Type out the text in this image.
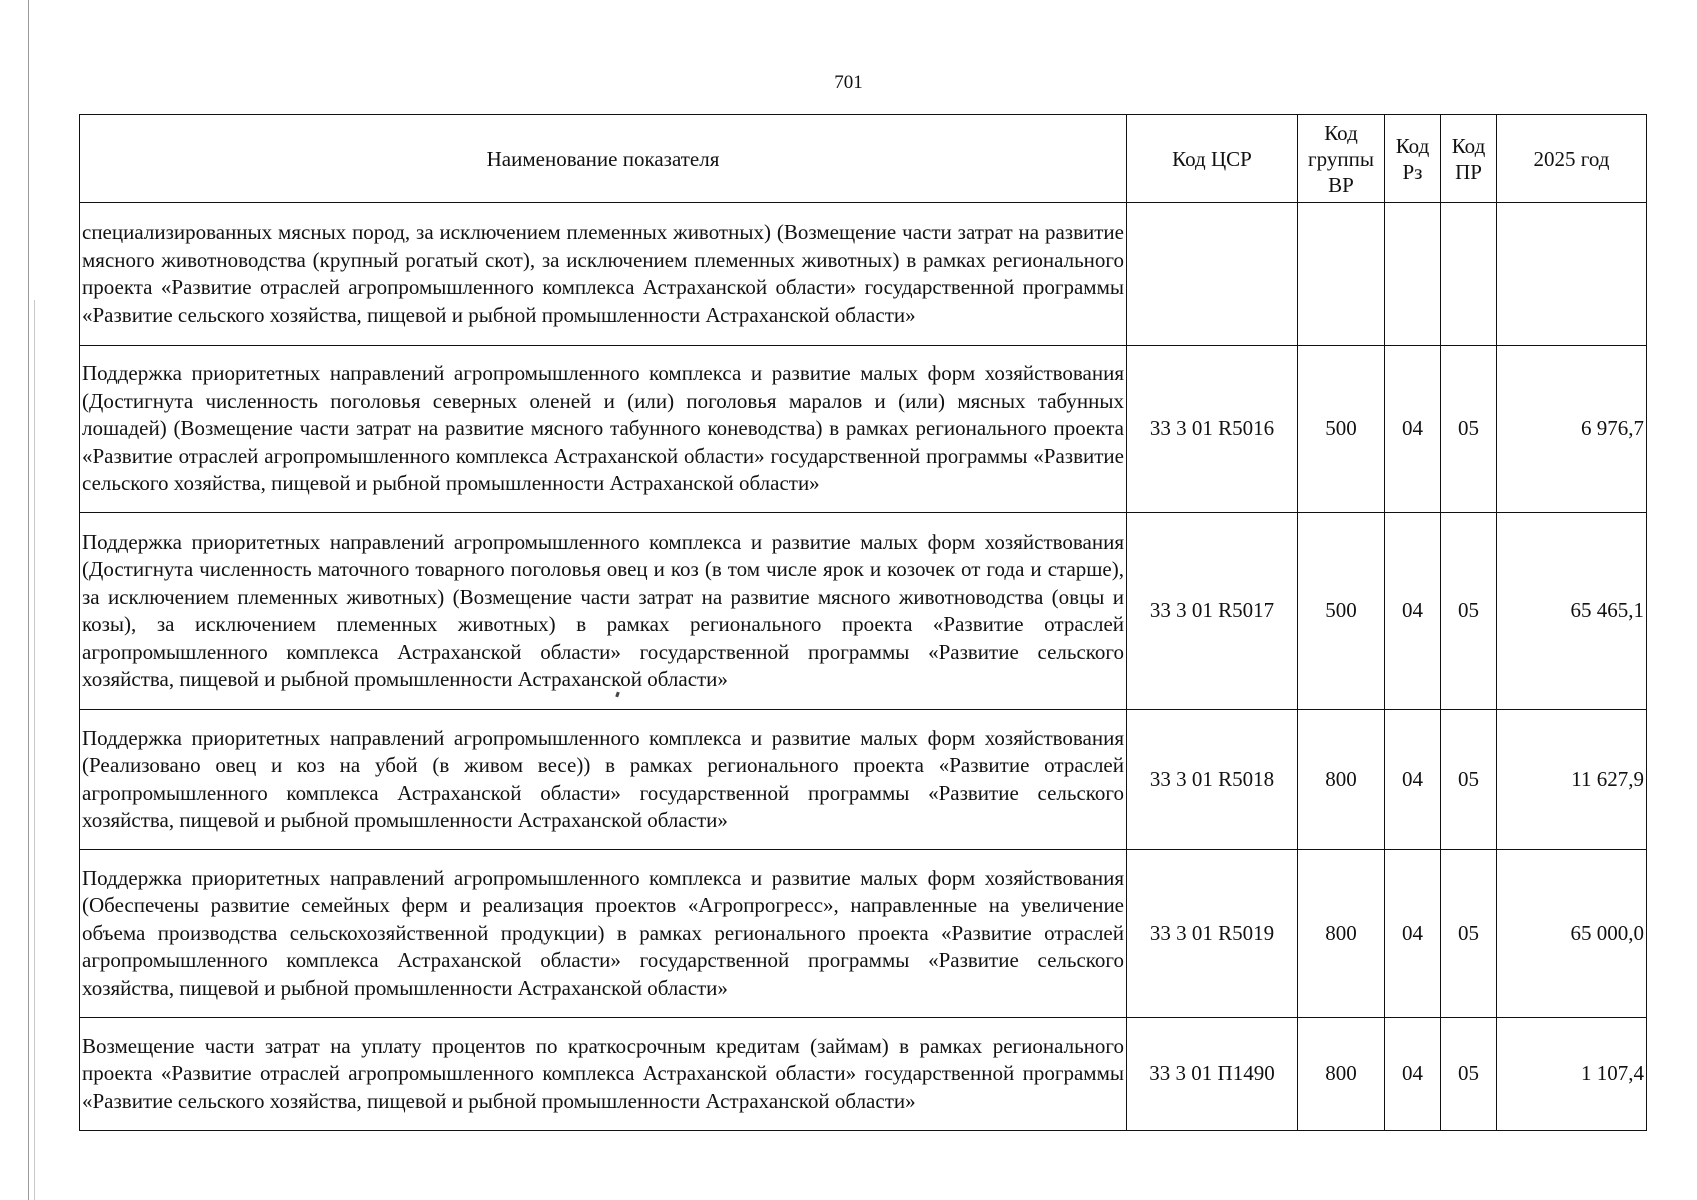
701
Наименование показателя	Код ЦСР	Код группы ВР	Код Рз	Код ПР	2025 год
специализированных мясных пород, за исключением племенных животных) (Возмещение части затрат на развитие мясного животноводства (крупный рогатый скот), за исключением племенных животных) в рамках регионального проекта «Развитие отраслей агропромышленного комплекса Астраханской области» государственной программы «Развитие сельского хозяйства, пищевой и рыбной промышленности Астраханской области»					
Поддержка приоритетных направлений агропромышленного комплекса и развитие малых форм хозяйствования (Достигнута численность поголовья северных оленей и (или) поголовья маралов и (или) мясных табунных лошадей) (Возмещение части затрат на развитие мясного табунного коневодства) в рамках регионального проекта «Развитие отраслей агропромышленного комплекса Астраханской области» государственной программы «Развитие сельского хозяйства, пищевой и рыбной промышленности Астраханской области»	33 3 01 R5016	500	04	05	6 976,7
Поддержка приоритетных направлений агропромышленного комплекса и развитие малых форм хозяйствования (Достигнута численность маточного товарного поголовья овец и коз (в том числе ярок и козочек от года и старше), за исключением племенных животных) (Возмещение части затрат на развитие мясного животноводства (овцы и козы), за исключением племенных животных) в рамках регионального проекта «Развитие отраслей агропромышленного комплекса Астраханской области» государственной программы «Развитие сельского хозяйства, пищевой и рыбной промышленности Астраханской области»	33 3 01 R5017	500	04	05	65 465,1
Поддержка приоритетных направлений агропромышленного комплекса и развитие малых форм хозяйствования (Реализовано овец и коз на убой (в живом весе)) в рамках регионального проекта «Развитие отраслей агропромышленного комплекса Астраханской области» государственной программы «Развитие сельского хозяйства, пищевой и рыбной промышленности Астраханской области»	33 3 01 R5018	800	04	05	11 627,9
Поддержка приоритетных направлений агропромышленного комплекса и развитие малых форм хозяйствования (Обеспечены развитие семейных ферм и реализация проектов «Агропрогресс», направленные на увеличение объема производства сельскохозяйственной продукции) в рамках регионального проекта «Развитие отраслей агропромышленного комплекса Астраханской области» государственной программы «Развитие сельского хозяйства, пищевой и рыбной промышленности Астраханской области»	33 3 01 R5019	800	04	05	65 000,0
Возмещение части затрат на уплату процентов по краткосрочным кредитам (займам) в рамках регионального проекта «Развитие отраслей агропромышленного комплекса Астраханской области» государственной программы «Развитие сельского хозяйства, пищевой и рыбной промышленности Астраханской области»	33 3 01 П1490	800	04	05	1 107,4
